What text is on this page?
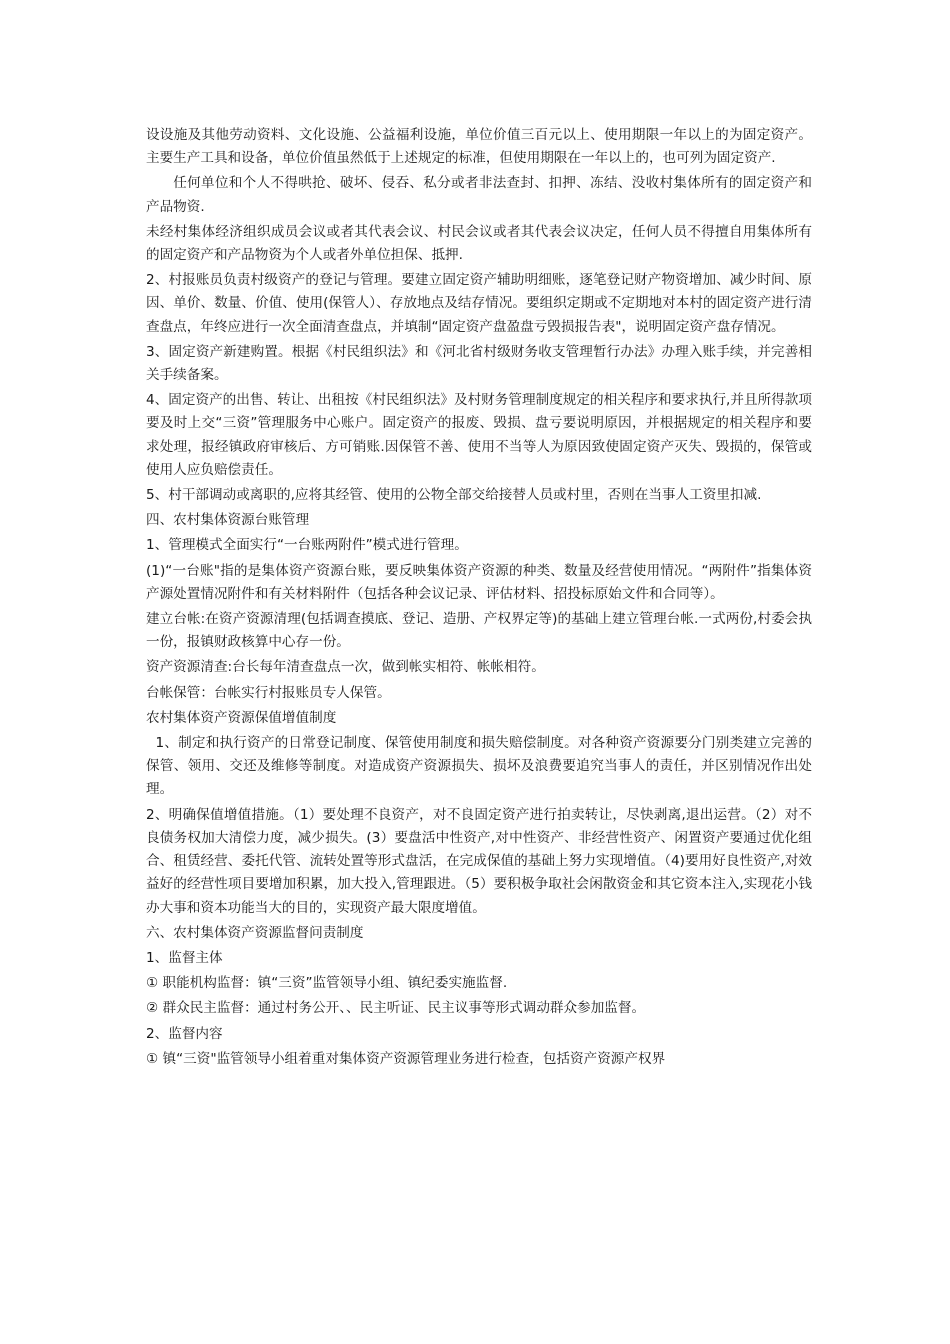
设设施及其他劳动资料、文化设施、公益福利设施，单位价值三百元以上、使用期限一年以上的为固定资产。主要生产工具和设备，单位价值虽然低于上述规定的标准，但使用期限在一年以上的，也可列为固定资产.

任何单位和个人不得哄抢、破坏、侵吞、私分或者非法查封、扣押、冻结、没收村集体所有的固定资产和产品物资.

未经村集体经济组织成员会议或者其代表会议、村民会议或者其代表会议决定，任何人员不得擅自用集体所有的固定资产和产品物资为个人或者外单位担保、抵押.

2、村报账员负责村级资产的登记与管理。要建立固定资产辅助明细账，逐笔登记财产物资增加、减少时间、原因、单价、数量、价值、使用(保管人）、存放地点及结存情况。要组织定期或不定期地对本村的固定资产进行清查盘点，年终应进行一次全面清查盘点，并填制“固定资产盘盈盘亏毁损报告表"，说明固定资产盘存情况。

3、固定资产新建购置。根据《村民组织法》和《河北省村级财务收支管理暂行办法》办理入账手续，并完善相关手续备案。

4、固定资产的出售、转让、出租按《村民组织法》及村财务管理制度规定的相关程序和要求执行,并且所得款项要及时上交“三资”管理服务中心账户。固定资产的报废、毁损、盘亏要说明原因，并根据规定的相关程序和要求处理，报经镇政府审核后、方可销账.因保管不善、使用不当等人为原因致使固定资产灭失、毁损的，保管或使用人应负赔偿责任。

5、村干部调动或离职的,应将其经管、使用的公物全部交给接替人员或村里，否则在当事人工资里扣减.

四、农村集体资源台账管理

1、管理模式全面实行“一台账两附件”模式进行管理。

(1)“一台账"指的是集体资产资源台账，要反映集体资产资源的种类、数量及经营使用情况。“两附件”指集体资产源处置情况附件和有关材料附件（包括各种会议记录、评估材料、招投标原始文件和合同等）。

建立台帐:在资产资源清理(包括调查摸底、登记、造册、产权界定等)的基础上建立管理台帐.一式两份,村委会执一份，报镇财政核算中心存一份。

资产资源清查:台长每年清查盘点一次，做到帐实相符、帐帐相符。

台帐保管：台帐实行村报账员专人保管。

农村集体资产资源保值增值制度

1、制定和执行资产的日常登记制度、保管使用制度和损失赔偿制度。对各种资产资源要分门别类建立完善的保管、领用、交还及维修等制度。对造成资产资源损失、损坏及浪费要追究当事人的责任，并区别情况作出处理。

2、明确保值增值措施。（1）要处理不良资产，对不良固定资产进行拍卖转让，尽快剥离,退出运营。（2）对不良债务权加大清偿力度，减少损失。(3）要盘活中性资产,对中性资产、非经营性资产、闲置资产要通过优化组合、租赁经营、委托代管、流转处置等形式盘活，在完成保值的基础上努力实现增值。（4)要用好良性资产,对效益好的经营性项目要增加积累，加大投入,管理跟进。（5）要积极争取社会闲散资金和其它资本注入,实现花小钱办大事和资本功能当大的目的，实现资产最大限度增值。

六、农村集体资产资源监督问责制度

1、监督主体

① 职能机构监督：镇“三资”监管领导小组、镇纪委实施监督.

② 群众民主监督：通过村务公开、、民主听证、民主议事等形式调动群众参加监督。

2、监督内容

① 镇“三资"监管领导小组着重对集体资产资源管理业务进行检查，包括资产资源产权界
